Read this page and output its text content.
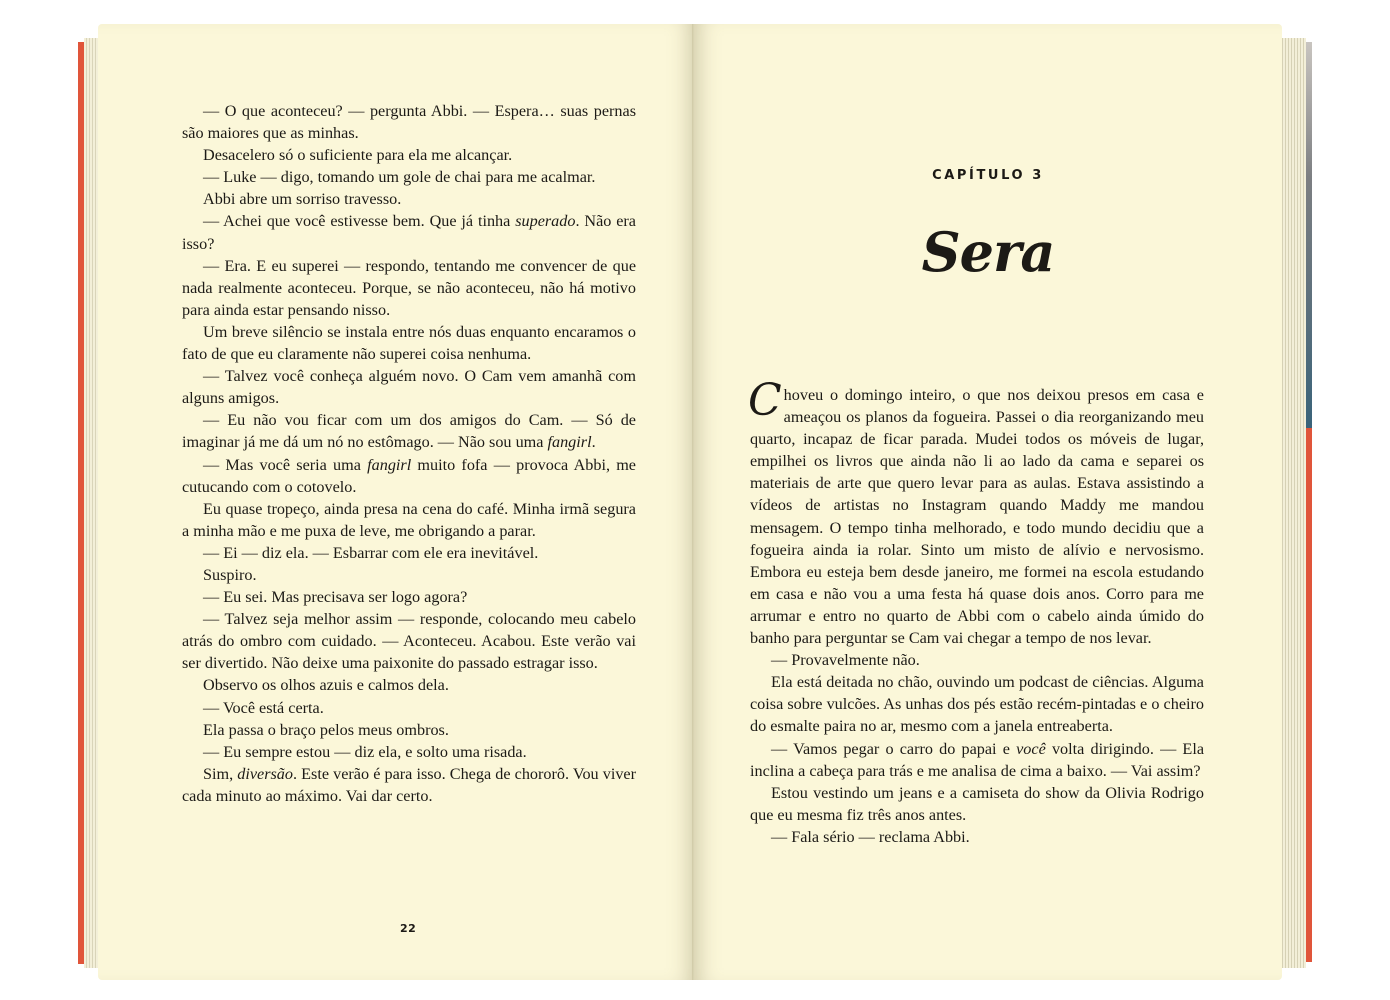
— O que aconteceu? — pergunta Abbi. — Espera… suas pernas são maiores que as minhas.

Desacelero só o suficiente para ela me alcançar.

— Luke — digo, tomando um gole de chai para me acalmar.

Abbi abre um sorriso travesso.

— Achei que você estivesse bem. Que já tinha superado. Não era isso?

— Era. E eu superei — respondo, tentando me convencer de que nada realmente aconteceu. Porque, se não aconteceu, não há motivo para ainda estar pensando nisso.

Um breve silêncio se instala entre nós duas enquanto encaramos o fato de que eu claramente não superei coisa nenhuma.

— Talvez você conheça alguém novo. O Cam vem amanhã com alguns amigos.

— Eu não vou ficar com um dos amigos do Cam. — Só de imaginar já me dá um nó no estômago. — Não sou uma fangirl.

— Mas você seria uma fangirl muito fofa — provoca Abbi, me cutucando com o cotovelo.

Eu quase tropeço, ainda presa na cena do café. Minha irmã segura a minha mão e me puxa de leve, me obrigando a parar.

— Ei — diz ela. — Esbarrar com ele era inevitável.

Suspiro.

— Eu sei. Mas precisava ser logo agora?

— Talvez seja melhor assim — responde, colocando meu cabelo atrás do ombro com cuidado. — Aconteceu. Acabou. Este verão vai ser divertido. Não deixe uma paixonite do passado estragar isso.

Observo os olhos azuis e calmos dela.

— Você está certa.

Ela passa o braço pelos meus ombros.

— Eu sempre estou — diz ela, e solto uma risada.

Sim, diversão. Este verão é para isso. Chega de chororô. Vou viver cada minuto ao máximo. Vai dar certo.

22
CAPÍTULO 3
Sera

Choveu o domingo inteiro, o que nos deixou presos em casa e ameaçou os planos da fogueira. Passei o dia reorganizando meu quarto, incapaz de ficar parada. Mudei todos os móveis de lugar, empilhei os livros que ainda não li ao lado da cama e separei os materiais de arte que quero levar para as aulas. Estava assistindo a vídeos de artistas no Instagram quando Maddy me mandou mensagem. O tempo tinha melhorado, e todo mundo decidiu que a fogueira ainda ia rolar. Sinto um misto de alívio e nervosismo. Embora eu esteja bem desde janeiro, me formei na escola estudando em casa e não vou a uma festa há quase dois anos. Corro para me arrumar e entro no quarto de Abbi com o cabelo ainda úmido do banho para perguntar se Cam vai chegar a tempo de nos levar.

— Provavelmente não.

Ela está deitada no chão, ouvindo um podcast de ciências. Alguma coisa sobre vulcões. As unhas dos pés estão recém-pintadas e o cheiro do esmalte paira no ar, mesmo com a janela entreaberta.

— Vamos pegar o carro do papai e você volta dirigindo. — Ela inclina a cabeça para trás e me analisa de cima a baixo. — Vai assim?

Estou vestindo um jeans e a camiseta do show da Olivia Rodrigo que eu mesma fiz três anos antes.

— Fala sério — reclama Abbi.
